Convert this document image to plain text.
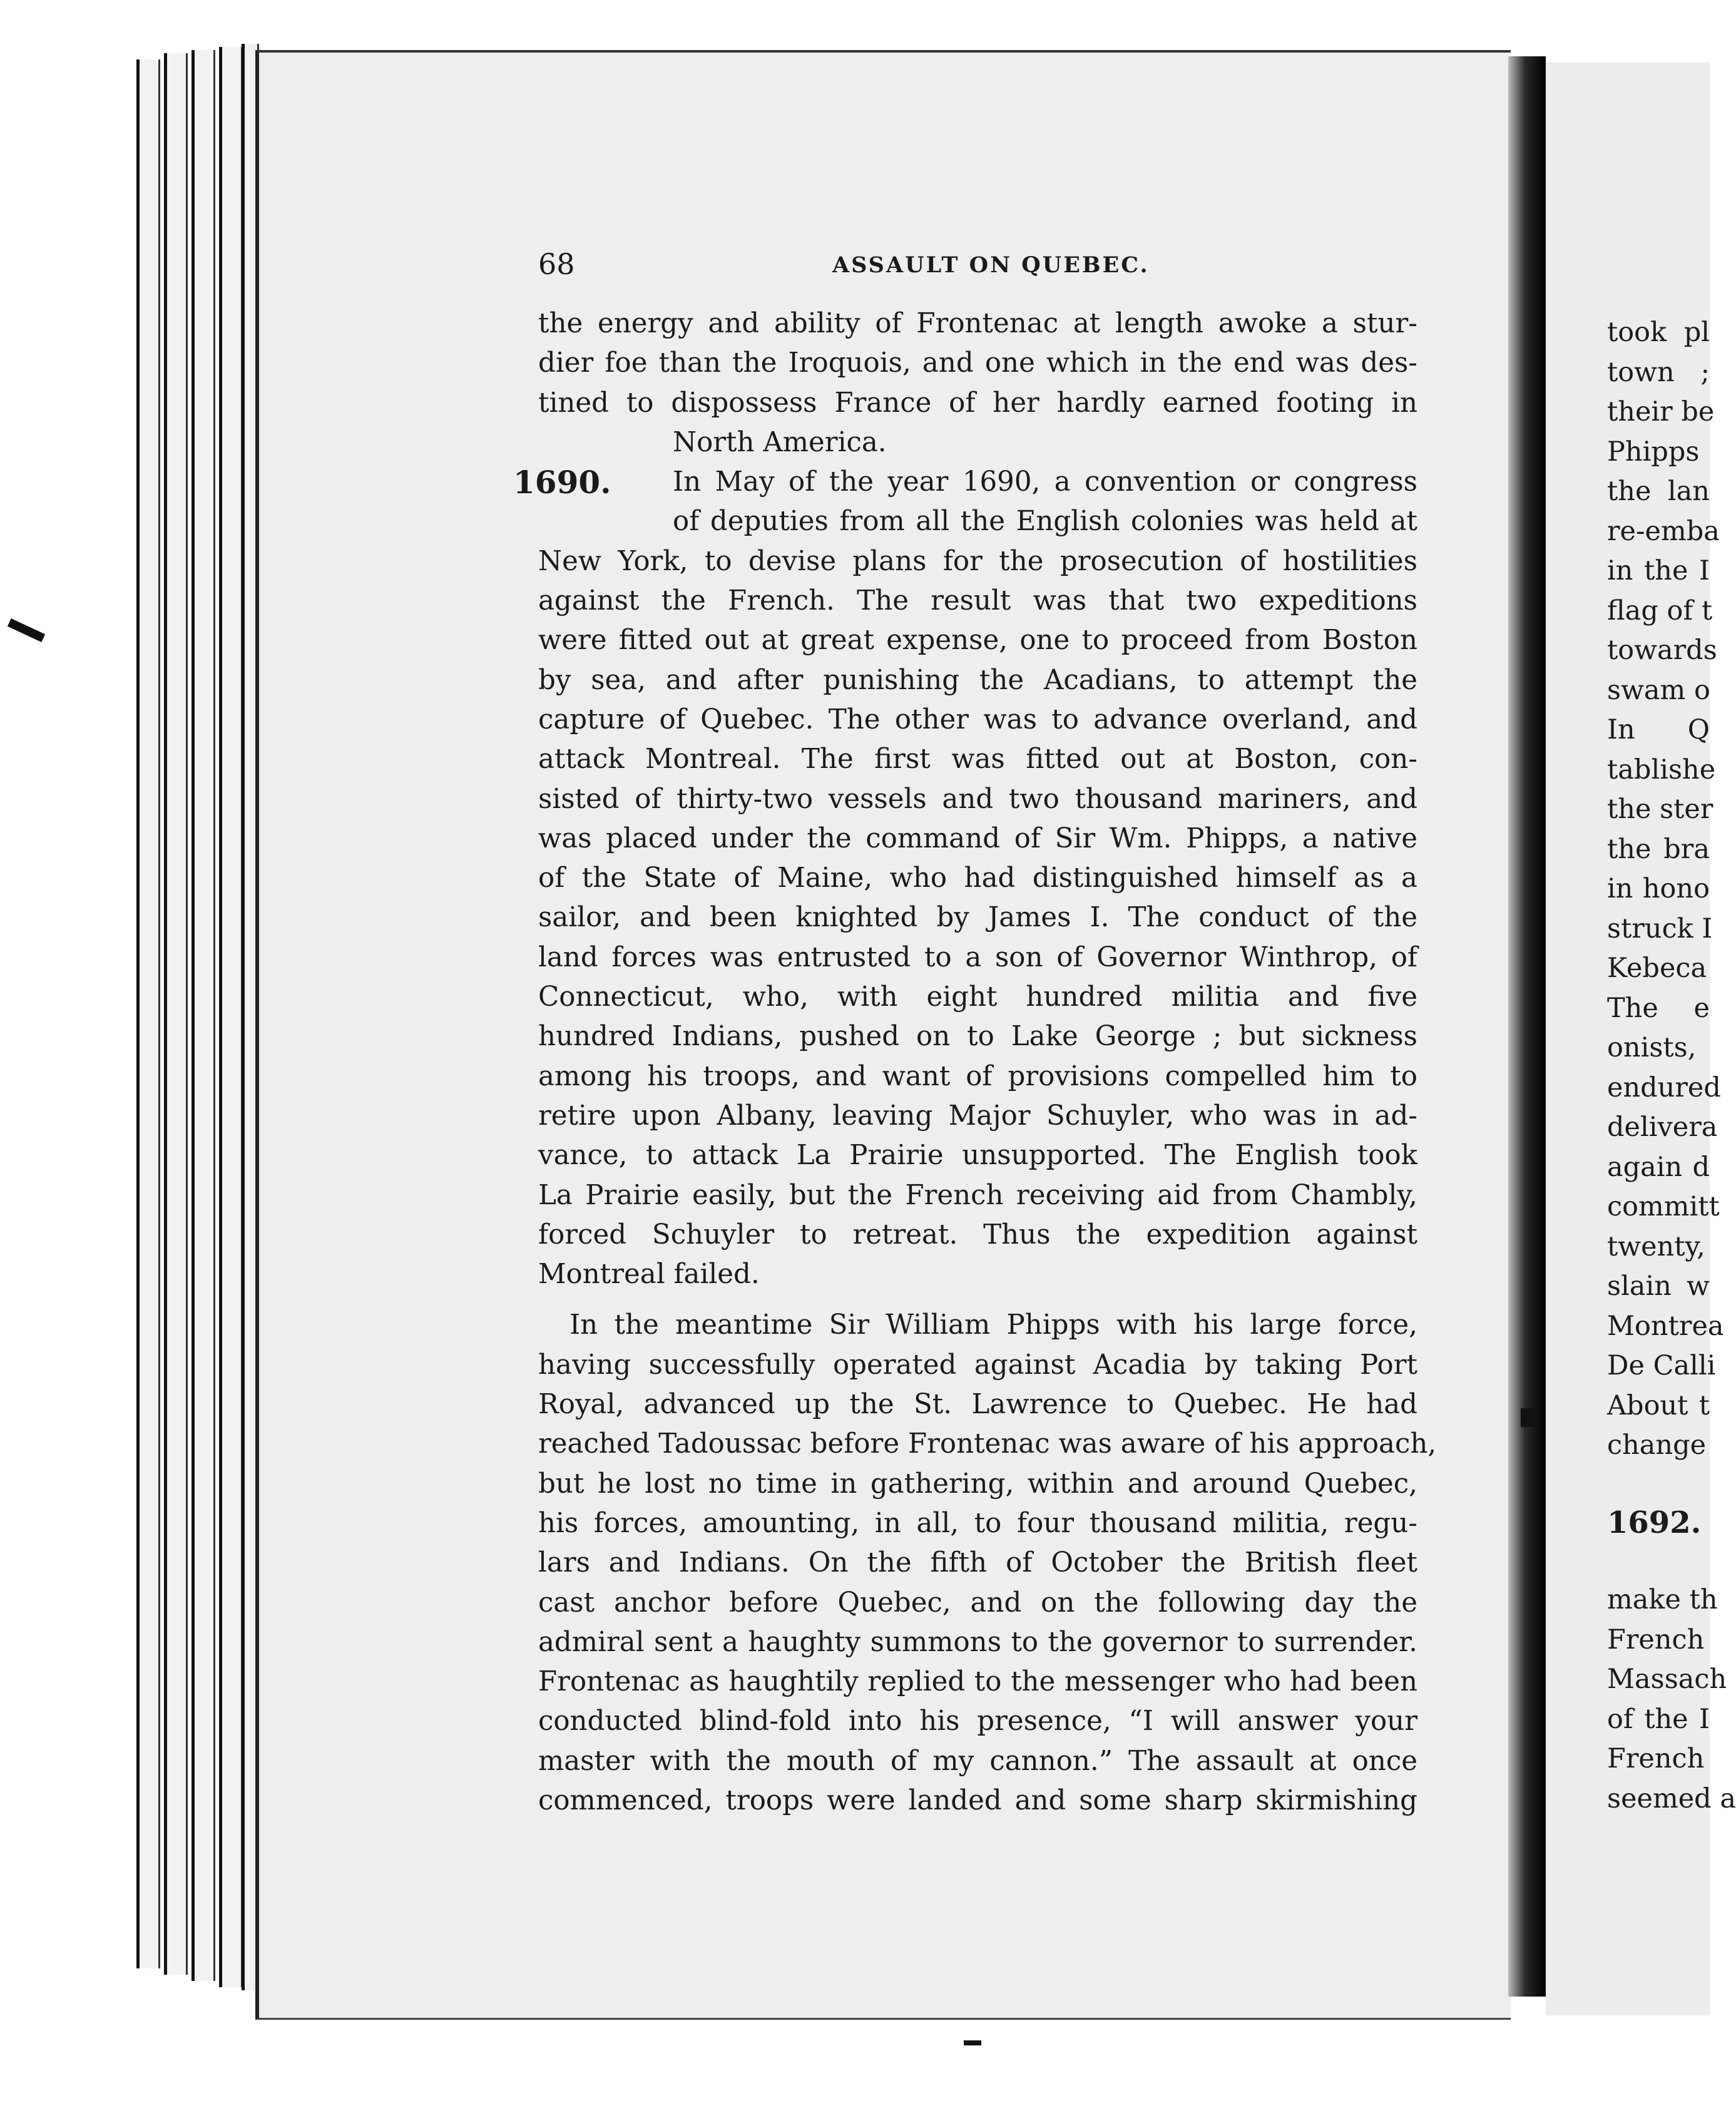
68	ASSAULT ON QUEBEC.
the energy and ability of Frontenac at length awoke a stur-
dier foe than the Iroquois, and one which in the end was des-
tined to dispossess France of her hardly earned footing in
North America.
1690. In May of the year 1690, a convention or congress
of deputies from all the English colonies was held at
New York, to devise plans for the prosecution of hostilities
against the French. The result was that two expeditions
were fitted out at great expense, one to proceed from Boston
by sea, and after punishing the Acadians, to attempt the
capture of Quebec. The other was to advance overland, and
attack Montreal. The first was fitted out at Boston, con-
sisted of thirty-two vessels and two thousand mariners, and
was placed under the command of Sir Wm. Phipps, a native
of the State of Maine, who had distinguished himself as a
sailor, and been knighted by James I. The conduct of the
land forces was entrusted to a son of Governor Winthrop, of
Connecticut, who, with eight hundred militia and five
hundred Indians, pushed on to Lake George ; but sickness
among his troops, and want of provisions compelled him to
retire upon Albany, leaving Major Schuyler, who was in ad-
vance, to attack La Prairie unsupported. The English took
La Prairie easily, but the French receiving aid from Chambly,
forced Schuyler to retreat. Thus the expedition against
Montreal failed.
In the meantime Sir William Phipps with his large force,
having successfully operated against Acadia by taking Port
Royal, advanced up the St. Lawrence to Quebec. He had
reached Tadoussac before Frontenac was aware of his approach,
but he lost no time in gathering, within and around Quebec,
his forces, amounting, in all, to four thousand militia, regu-
lars and Indians. On the fifth of October the British fleet
cast anchor before Quebec, and on the following day the
admiral sent a haughty summons to the governor to surrender.
Frontenac as haughtily replied to the messenger who had been
conducted blind-fold into his presence, “I will answer your
master with the mouth of my cannon.” The assault at once
commenced, troops were landed and some sharp skirmishing
took pl
town ;
their be
Phipps
the lan
re-emba
in the I
flag of t
towards
swam o
In Q
tablishe
the ster
the bra
in hono
struck I
Kebeca
The e
onists,
endured
delivera
again d
committ
twenty,
slain w
Montrea
De Calli
About t
change
1692.
make th
French
Massach
of the I
French
seemed a
